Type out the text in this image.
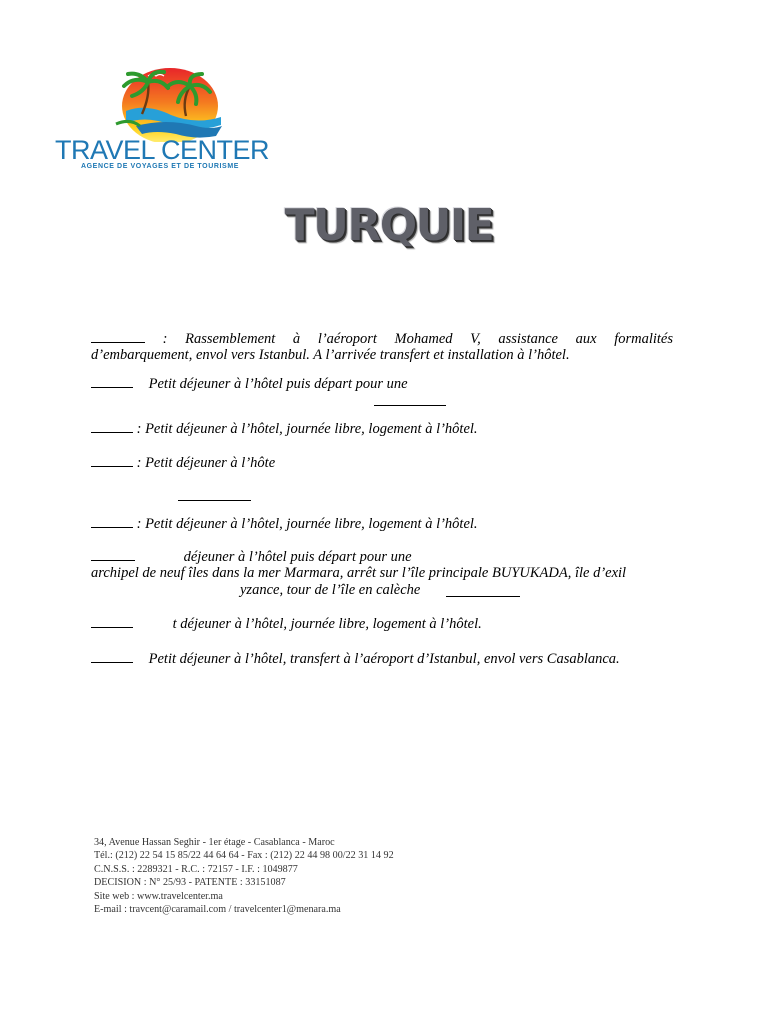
TRAVEL CENTER
AGENCE DE VOYAGES ET DE TOURISME
TURQUIE
: Rassemblement à l’aéroport Mohamed V, assistance aux formalités
d’embarquement, envol vers Istanbul. A l’arrivée transfert et installation à l’hôtel.
Petit déjeuner à l’hôtel puis départ pour une
: Petit déjeuner à l’hôtel, journée libre, logement à l’hôtel.
: Petit déjeuner à l’hôte
: Petit déjeuner à l’hôtel, journée libre, logement à l’hôtel.
déjeuner à l’hôtel puis départ pour une
archipel de neuf îles dans la mer Marmara, arrêt sur l’île principale BUYUKADA, île d’exil
yzance, tour de l’île en calèche
t déjeuner à l’hôtel, journée libre, logement à l’hôtel.
Petit déjeuner à l’hôtel, transfert à l’aéroport d’Istanbul, envol vers Casablanca.
34, Avenue Hassan Seghir - 1er étage - Casablanca - Maroc
Tél.: (212) 22 54 15 85/22 44 64 64 - Fax : (212) 22 44 98 00/22 31 14 92
C.N.S.S. : 2289321 - R.C. : 72157 - I.F. : 1049877
DECISION : N° 25/93 - PATENTE : 33151087
Site web : www.travelcenter.ma
E-mail : travcent@caramail.com / travelcenter1@menara.ma
